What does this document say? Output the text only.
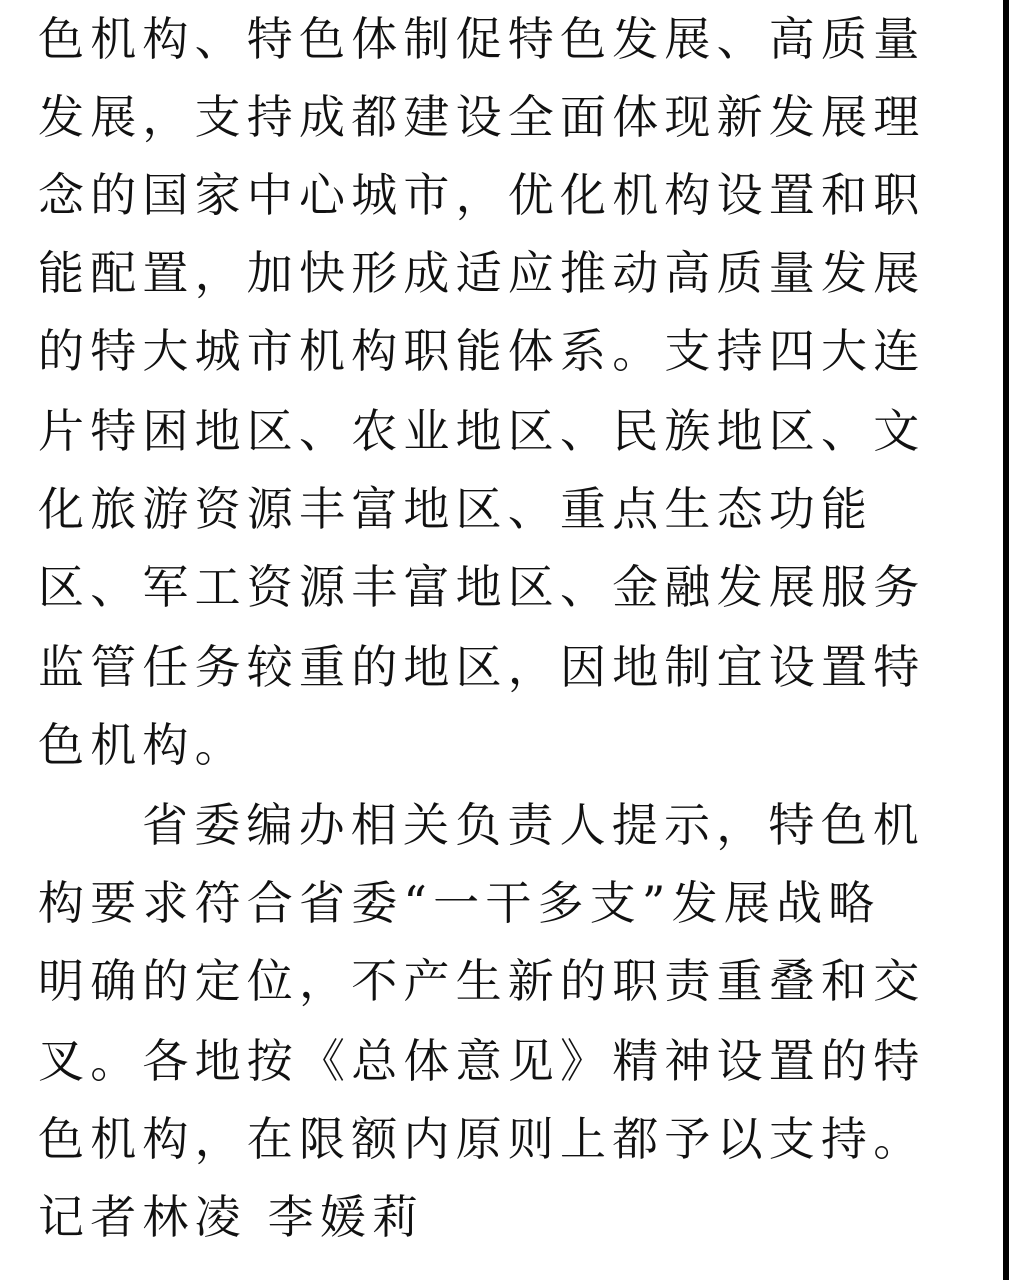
色机构、特色体制促特色发展、高质量
发展，支持成都建设全面体现新发展理
念的国家中心城市，优化机构设置和职
能配置，加快形成适应推动高质量发展
的特大城市机构职能体系。支持四大连
片特困地区、农业地区、民族地区、文
化旅游资源丰富地区、重点生态功能
区、军工资源丰富地区、金融发展服务
监管任务较重的地区，因地制宜设置特
色机构。
省委编办相关负责人提示，特色机
构要求符合省委“一干多支”发展战略
明确的定位，不产生新的职责重叠和交
叉。各地按《总体意见》精神设置的特
色机构，在限额内原则上都予以支持。
记者林凌 李媛莉
